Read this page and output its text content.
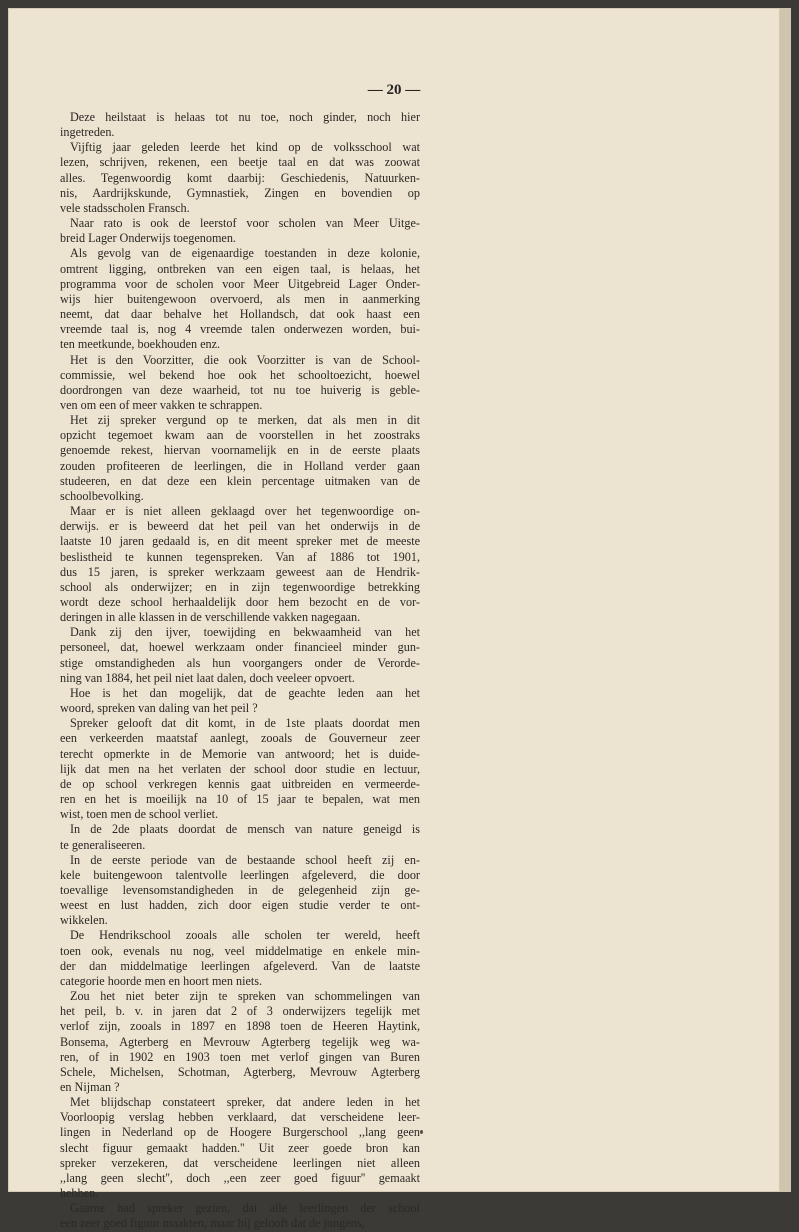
— 20 —

Deze heilstaat is helaas tot nu toe, noch ginder, noch hier
ingetreden.

Vijftig jaar geleden leerde het kind op de volksschool wat
lezen, schrijven, rekenen, een beetje taal en dat was zoowat
alles. Tegenwoordig komt daarbij: Geschiedenis, Natuurken-
nis, Aardrijkskunde, Gymnastiek, Zingen en bovendien op
vele stadsscholen Fransch.

Naar rato is ook de leerstof voor scholen van Meer Uitge-
breid Lager Onderwijs toegenomen.

Als gevolg van de eigenaardige toestanden in deze kolonie,
omtrent ligging, ontbreken van een eigen taal, is helaas, het
programma voor de scholen voor Meer Uitgebreid Lager Onder-
wijs hier buitengewoon overvoerd, als men in aanmerking
neemt, dat daar behalve het Hollandsch, dat ook haast een
vreemde taal is, nog 4 vreemde talen onderwezen worden, bui-
ten meetkunde, boekhouden enz.

Het is den Voorzitter, die ook Voorzitter is van de School-
commissie, wel bekend hoe ook het schooltoezicht, hoewel
doordrongen van deze waarheid, tot nu toe huiverig is geble-
ven om een of meer vakken te schrappen.

Het zij spreker vergund op te merken, dat als men in dit
opzicht tegemoet kwam aan de voorstellen in het zoostraks
genoemde rekest, hiervan voornamelijk en in de eerste plaats
zouden profiteeren de leerlingen, die in Holland verder gaan
studeeren, en dat deze een klein percentage uitmaken van de
schoolbevolking.

Maar er is niet alleen geklaagd over het tegenwoordige on-
derwijs. er is beweerd dat het peil van het onderwijs in de
laatste 10 jaren gedaald is, en dit meent spreker met de meeste
beslistheid te kunnen tegenspreken. Van af 1886 tot 1901,
dus 15 jaren, is spreker werkzaam geweest aan de Hendrik-
school als onderwijzer; en in zijn tegenwoordige betrekking
wordt deze school herhaaldelijk door hem bezocht en de vor-
deringen in alle klassen in de verschillende vakken nagegaan.

Dank zij den ijver, toewijding en bekwaamheid van het
personeel, dat, hoewel werkzaam onder financieel minder gun-
stige omstandigheden als hun voorgangers onder de Verorde-
ning van 1884, het peil niet laat dalen, doch veeleer opvoert.

Hoe is het dan mogelijk, dat de geachte leden aan het
woord, spreken van daling van het peil ?

Spreker gelooft dat dit komt, in de 1ste plaats doordat men
een verkeerden maatstaf aanlegt, zooals de Gouverneur zeer
terecht opmerkte in de Memorie van antwoord; het is duide-
lijk dat men na het verlaten der school door studie en lectuur,
de op school verkregen kennis gaat uitbreiden en vermeerde-
ren en het is moeilijk na 10 of 15 jaar te bepalen, wat men
wist, toen men de school verliet.

In de 2de plaats doordat de mensch van nature geneigd is
te generaliseeren.

In de eerste periode van de bestaande school heeft zij en-
kele buitengewoon talentvolle leerlingen afgeleverd, die door
toevallige levensomstandigheden in de gelegenheid zijn ge-
weest en lust hadden, zich door eigen studie verder te ont-
wikkelen.

De Hendrikschool zooals alle scholen ter wereld, heeft
toen ook, evenals nu nog, veel middelmatige en enkele min-
der dan middelmatige leerlingen afgeleverd. Van de laatste
categorie hoorde men en hoort men niets.

Zou het niet beter zijn te spreken van schommelingen van
het peil, b. v. in jaren dat 2 of 3 onderwijzers tegelijk met
verlof zijn, zooals in 1897 en 1898 toen de Heeren Haytink,
Bonsema, Agterberg en Mevrouw Agterberg tegelijk weg wa-
ren, of in 1902 en 1903 toen met verlof gingen van Buren
Schele, Michelsen, Schotman, Agterberg, Mevrouw Agterberg
en Nijman ?

Met blijdschap constateert spreker, dat andere leden in het
Voorloopig verslag hebben verklaard, dat verscheidene leer-
lingen in Nederland op de Hoogere Burgerschool ,,lang geen
slecht figuur gemaakt hadden.'' Uit zeer goede bron kan
spreker verzekeren, dat verscheidene leerlingen niet alleen
,,lang geen slecht'', doch ,,een zeer goed figuur'' gemaakt
hebben.

Gaarne had spreker gezien, dat alle leerlingen der school
een zeer goed figuur maakten, maar hij gelooft dat de jongens,
